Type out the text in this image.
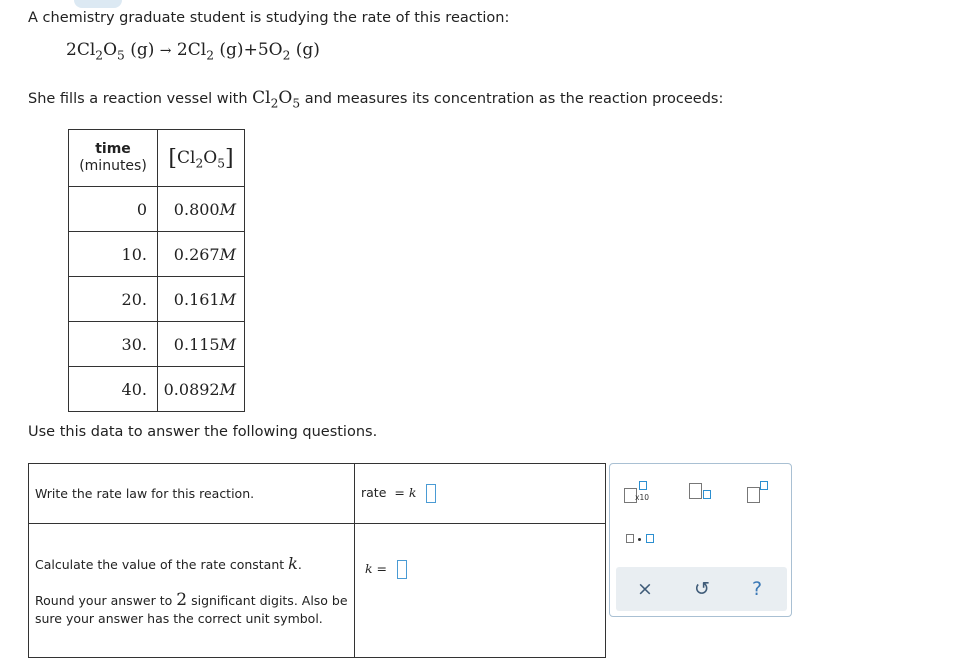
A chemistry graduate student is studying the rate of this reaction:
$2Cl_2O_5$ $(g) \to 2Cl_2$ $(g)+5O_2$ (g)
She fills a reaction vessel with $Cl_2O_5$ and measures its concentration as the reaction proceeds:
time
(minutes)	$[Cl_2O_5]$
0	0.800M
10.	0.267M
20.	0.161M
30.	0.115M
40.	0.0892M
Use this data to answer the following questions.
Write the rate law for this reaction.	rate = k

Calculate the value of the rate constant k.
Round your answer to 2 significant digits. Also be sure your answer has the correct unit symbol.	k =
x10
×	↺	?
